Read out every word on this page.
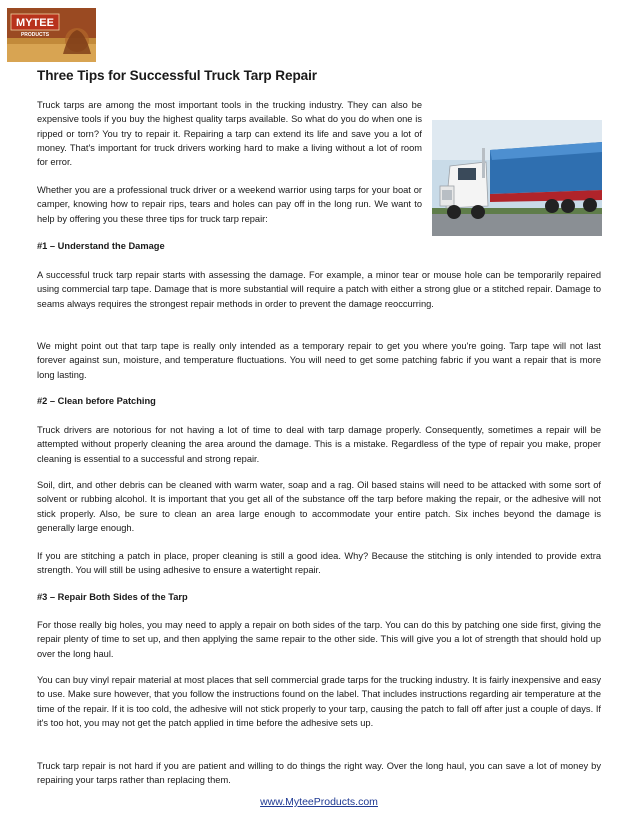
MYTEE
PRODUCTS
Three Tips for Successful Truck Tarp Repair

Truck tarps are among the most important tools in the trucking industry. They can also be expensive tools if you buy the highest quality tarps available. So what do you do when one is ripped or torn? You try to repair it. Repairing a tarp can extend its life and save you a lot of money. That's important for truck drivers working hard to make a living without a lot of room for error.

Whether you are a professional truck driver or a weekend warrior using tarps for your boat or camper, knowing how to repair rips, tears and holes can pay off in the long run. We want to help by offering you these three tips for truck tarp repair:

#1 – Understand the Damage

A successful truck tarp repair starts with assessing the damage. For example, a minor tear or mouse hole can be temporarily repaired using commercial tarp tape. Damage that is more substantial will require a patch with either a strong glue or a stitched repair. Damage to seams always requires the strongest repair methods in order to prevent the damage reoccurring.

We might point out that tarp tape is really only intended as a temporary repair to get you where you're going. Tarp tape will not last forever against sun, moisture, and temperature fluctuations. You will need to get some patching fabric if you want a repair that is more long lasting.

#2 – Clean before Patching

Truck drivers are notorious for not having a lot of time to deal with tarp damage properly. Consequently, sometimes a repair will be attempted without properly cleaning the area around the damage. This is a mistake. Regardless of the type of repair you make, proper cleaning is essential to a successful and strong repair.

Soil, dirt, and other debris can be cleaned with warm water, soap and a rag. Oil based stains will need to be attacked with some sort of solvent or rubbing alcohol. It is important that you get all of the substance off the tarp before making the repair, or the adhesive will not stick properly. Also, be sure to clean an area large enough to accommodate your entire patch. Six inches beyond the damage is generally large enough.

If you are stitching a patch in place, proper cleaning is still a good idea. Why? Because the stitching is only intended to provide extra strength. You will still be using adhesive to ensure a watertight repair.

#3 – Repair Both Sides of the Tarp

For those really big holes, you may need to apply a repair on both sides of the tarp. You can do this by patching one side first, giving the repair plenty of time to set up, and then applying the same repair to the other side. This will give you a lot of strength that should hold up over the long haul.

You can buy vinyl repair material at most places that sell commercial grade tarps for the trucking industry. It is fairly inexpensive and easy to use. Make sure however, that you follow the instructions found on the label. That includes instructions regarding air temperature at the time of the repair. If it is too cold, the adhesive will not stick properly to your tarp, causing the patch to fall off after just a couple of days. If it's too hot, you may not get the patch applied in time before the adhesive sets up.

Truck tarp repair is not hard if you are patient and willing to do things the right way. Over the long haul, you can save a lot of money by repairing your tarps rather than replacing them.

www.MyteeProducts.com
